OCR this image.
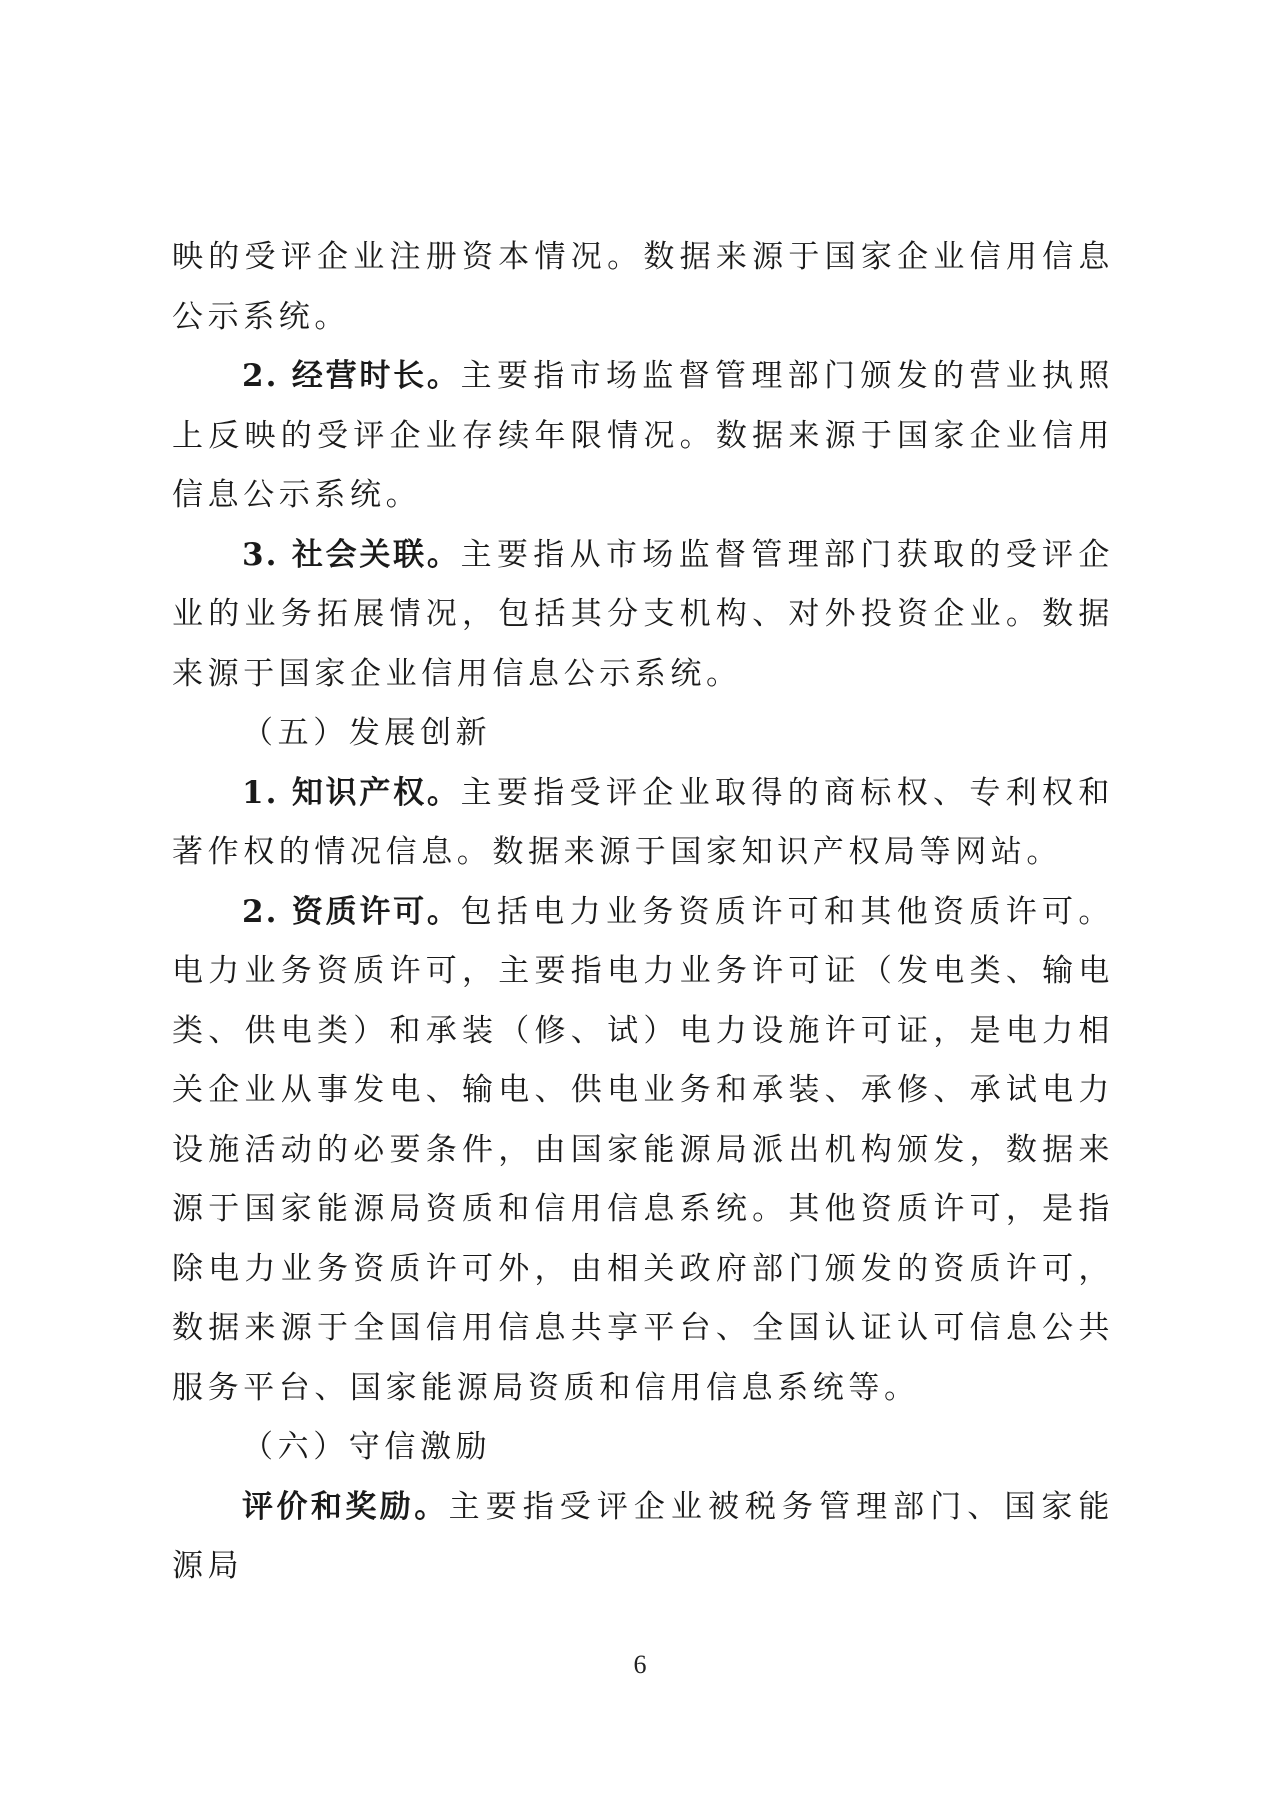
映的受评企业注册资本情况。数据来源于国家企业信用信息公示系统。

2. 经营时长。主要指市场监督管理部门颁发的营业执照上反映的受评企业存续年限情况。数据来源于国家企业信用信息公示系统。

3. 社会关联。主要指从市场监督管理部门获取的受评企业的业务拓展情况，包括其分支机构、对外投资企业。数据来源于国家企业信用信息公示系统。

（五）发展创新

1. 知识产权。主要指受评企业取得的商标权、专利权和著作权的情况信息。数据来源于国家知识产权局等网站。

2. 资质许可。包括电力业务资质许可和其他资质许可。电力业务资质许可，主要指电力业务许可证（发电类、输电类、供电类）和承装（修、试）电力设施许可证，是电力相关企业从事发电、输电、供电业务和承装、承修、承试电力设施活动的必要条件，由国家能源局派出机构颁发，数据来源于国家能源局资质和信用信息系统。其他资质许可，是指除电力业务资质许可外，由相关政府部门颁发的资质许可，数据来源于全国信用信息共享平台、全国认证认可信息公共服务平台、国家能源局资质和信用信息系统等。

（六）守信激励

评价和奖励。主要指受评企业被税务管理部门、国家能源局

6
